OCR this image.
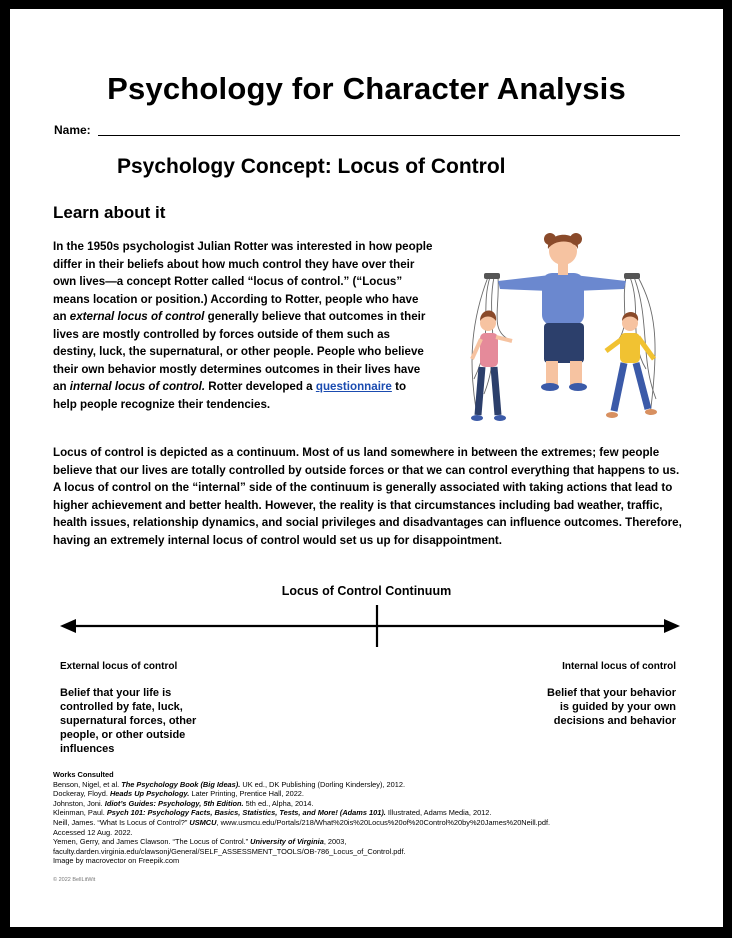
Psychology for Character Analysis
Name:
Psychology Concept: Locus of Control
Learn about it
In the 1950s psychologist Julian Rotter was interested in how people differ in their beliefs about how much control they have over their own lives—a concept Rotter called “locus of control.” (“Locus” means location or position.) According to Rotter, people who have an external locus of control generally believe that outcomes in their lives are mostly controlled by forces outside of them such as destiny, luck, the supernatural, or other people. People who believe their own behavior mostly determines outcomes in their lives have an internal locus of control. Rotter developed a questionnaire to help people recognize their tendencies.
Locus of control is depicted as a continuum. Most of us land somewhere in between the extremes; few people believe that our lives are totally controlled by outside forces or that we can control everything that happens to us. A locus of control on the “internal” side of the continuum is generally associated with taking actions that lead to higher achievement and better health. However, the reality is that circumstances including bad weather, traffic, health issues, relationship dynamics, and social privileges and disadvantages can influence outcomes. Therefore, having an extremely internal locus of control would set us up for disappointment.
Locus of Control Continuum
External locus of control	Internal locus of control
Belief that your life is controlled by fate, luck, supernatural forces, other people, or other outside influences
Belief that your behavior is guided by your own decisions and behavior
Works Consulted
Benson, Nigel, et al. The Psychology Book (Big Ideas). UK ed., DK Publishing (Dorling Kindersley), 2012.
Dockeray, Floyd. Heads Up Psychology. Later Printing, Prentice Hall, 2022.
Johnston, Joni. Idiot’s Guides: Psychology, 5th Edition. 5th ed., Alpha, 2014.
Kleinman, Paul. Psych 101: Psychology Facts, Basics, Statistics, Tests, and More! (Adams 101). Illustrated, Adams Media, 2012.
Neill, James. “What Is Locus of Control?” USMCU, www.usmcu.edu/Portals/218/What%20is%20Locus%20of%20Control%20by%20James%20Neill.pdf.
Accessed 12 Aug. 2022.
Yemen, Gerry, and James Clawson. “The Locus of Control.” University of Virginia, 2003,
faculty.darden.virginia.edu/clawsonj/General/SELF_ASSESSMENT_TOOLS/OB-786_Locus_of_Control.pdf.
Image by macrovector on Freepik.com
© 2022 BellLitWit
